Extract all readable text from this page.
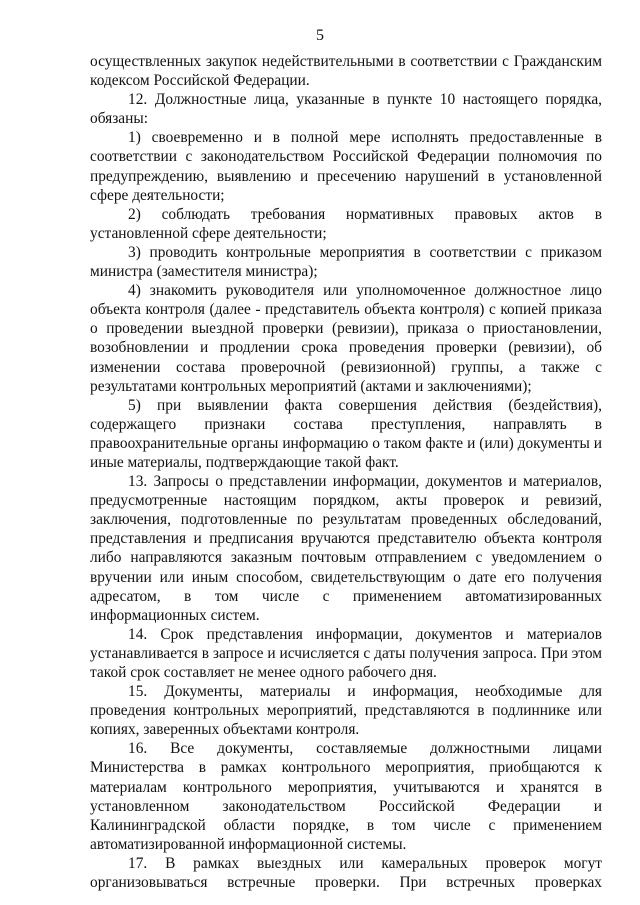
5
осуществленных закупок недействительными в соответствии с Гражданским
кодексом Российской Федерации.
12. Должностные лица, указанные в пункте 10 настоящего порядка,
обязаны:
1) своевременно и в полной мере исполнять предоставленные в
соответствии с законодательством Российской Федерации полномочия по
предупреждению, выявлению и пресечению нарушений в установленной
сфере деятельности;
2) соблюдать требования нормативных правовых актов в
установленной сфере деятельности;
3) проводить контрольные мероприятия в соответствии с приказом
министра (заместителя министра);
4) знакомить руководителя или уполномоченное должностное лицо
объекта контроля (далее - представитель объекта контроля) с копией приказа
о проведении выездной проверки (ревизии), приказа о приостановлении,
возобновлении и продлении срока проведения проверки (ревизии), об
изменении состава проверочной (ревизионной) группы, а также с
результатами контрольных мероприятий (актами и заключениями);
5) при выявлении факта совершения действия (бездействия),
содержащего признаки состава преступления, направлять в
правоохранительные органы информацию о таком факте и (или) документы и
иные материалы, подтверждающие такой факт.
13. Запросы о представлении информации, документов и материалов,
предусмотренные настоящим порядком, акты проверок и ревизий,
заключения, подготовленные по результатам проведенных обследований,
представления и предписания вручаются представителю объекта контроля
либо направляются заказным почтовым отправлением с уведомлением о
вручении или иным способом, свидетельствующим о дате его получения
адресатом, в том числе с применением автоматизированных
информационных систем.
14. Срок представления информации, документов и материалов
устанавливается в запросе и исчисляется с даты получения запроса. При этом
такой срок составляет не менее одного рабочего дня.
15. Документы, материалы и информация, необходимые для
проведения контрольных мероприятий, представляются в подлиннике или
копиях, заверенных объектами контроля.
16. Все документы, составляемые должностными лицами
Министерства в рамках контрольного мероприятия, приобщаются к
материалам контрольного мероприятия, учитываются и хранятся в
установленном законодательством Российской Федерации и
Калининградской области порядке, в том числе с применением
автоматизированной информационной системы.
17. В рамках выездных или камеральных проверок могут
организовываться встречные проверки. При встречных проверках
